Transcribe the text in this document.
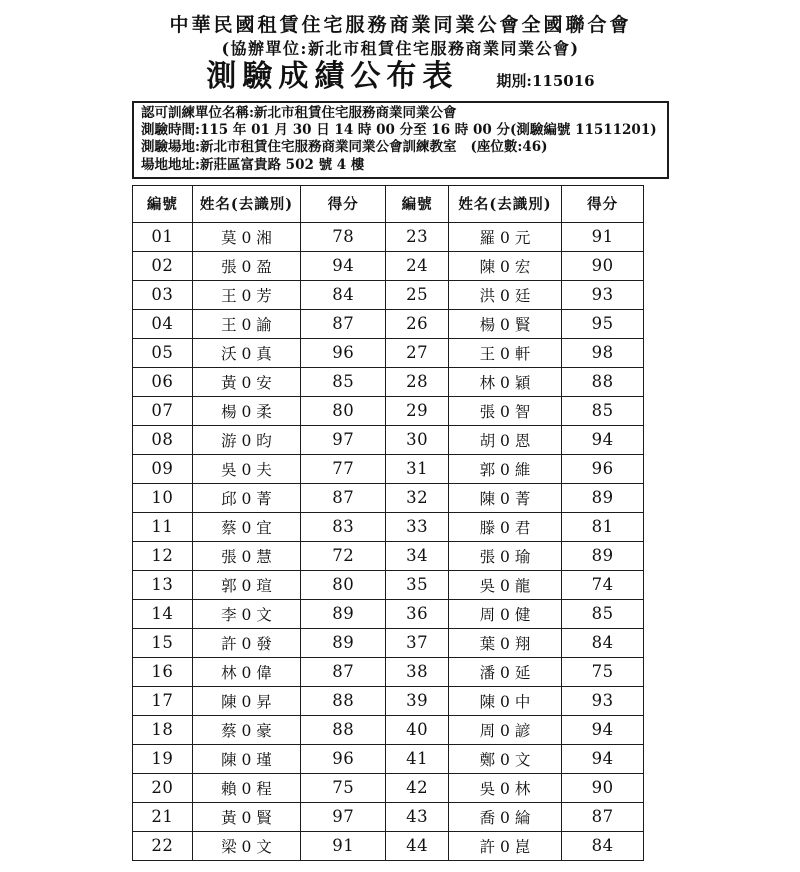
中華民國租賃住宅服務商業同業公會全國聯合會
(協辦單位:新北市租賃住宅服務商業同業公會)
測驗成績公布表	期別:115016
認可訓練單位名稱:新北市租賃住宅服務商業同業公會
測驗時間:115 年 01 月 30 日 14 時 00 分至 16 時 00 分 (測驗編號 11511201)
測驗場地:新北市租賃住宅服務商業同業公會訓練教室 (座位數:46)
場地地址:新莊區富貴路 502 號 4 樓
編號	姓名(去識別)	得分	編號	姓名(去識別)	得分
01	莫 0 湘	78	23	羅 0 元	91
02	張 0 盈	94	24	陳 0 宏	90
03	王 0 芳	84	25	洪 0 廷	93
04	王 0 諭	87	26	楊 0 賢	95
05	沃 0 真	96	27	王 0 軒	98
06	黃 0 安	85	28	林 0 穎	88
07	楊 0 柔	80	29	張 0 智	85
08	游 0 昀	97	30	胡 0 恩	94
09	吳 0 夫	77	31	郭 0 維	96
10	邱 0 菁	87	32	陳 0 菁	89
11	蔡 0 宜	83	33	滕 0 君	81
12	張 0 慧	72	34	張 0 瑜	89
13	郭 0 瑄	80	35	吳 0 龍	74
14	李 0 文	89	36	周 0 健	85
15	許 0 發	89	37	葉 0 翔	84
16	林 0 偉	87	38	潘 0 延	75
17	陳 0 昇	88	39	陳 0 中	93
18	蔡 0 豪	88	40	周 0 諺	94
19	陳 0 瑾	96	41	鄭 0 文	94
20	賴 0 程	75	42	吳 0 林	90
21	黃 0 賢	97	43	喬 0 綸	87
22	梁 0 文	91	44	許 0 崑	84
